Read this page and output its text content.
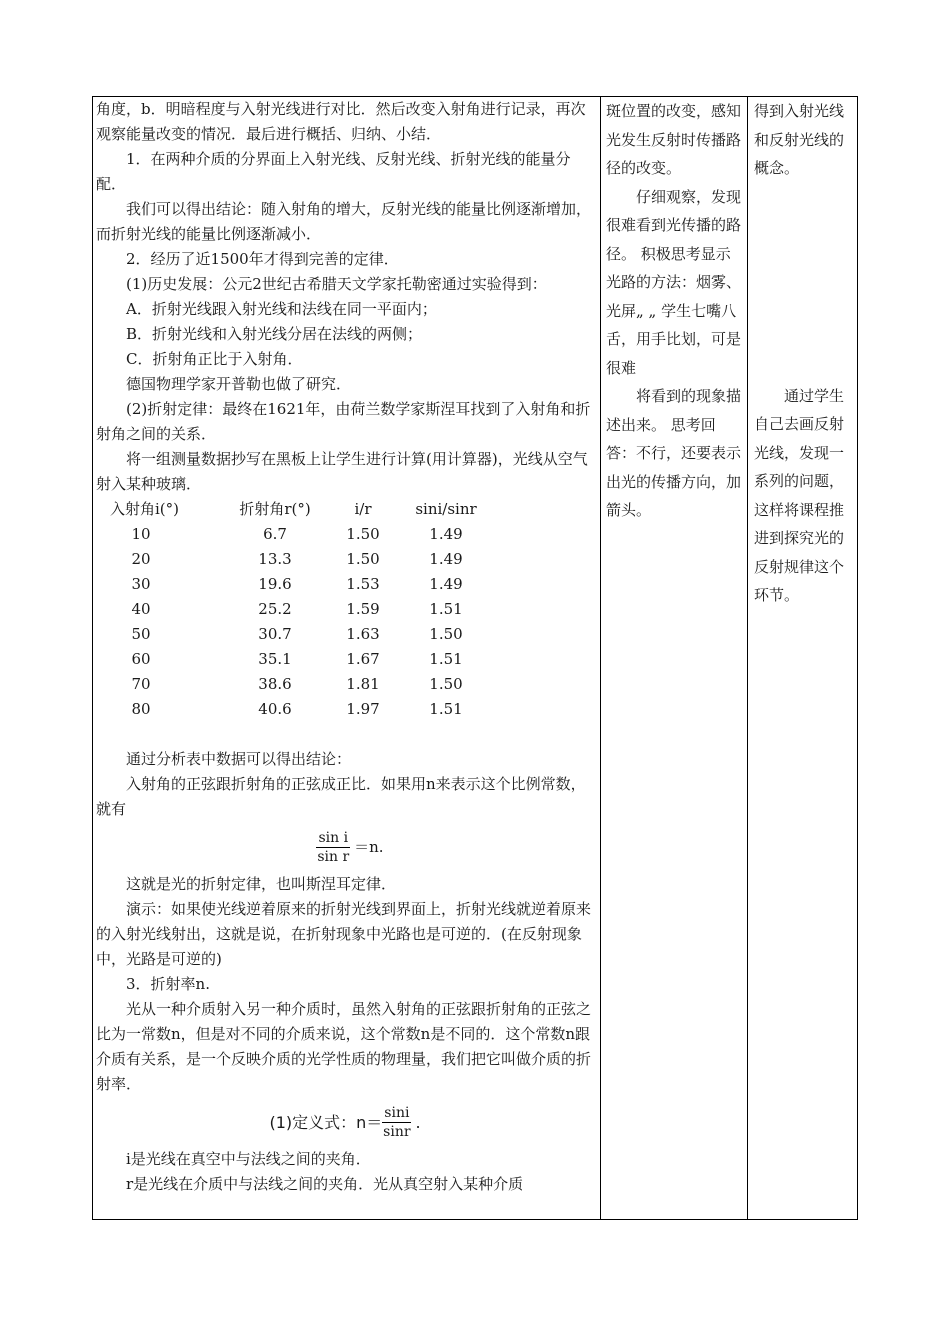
角度，b．明暗程度与入射光线进行对比．然后改变入射角进行记录，再次观察能量改变的情况．最后进行概括、归纳、小结．

1．在两种介质的分界面上入射光线、反射光线、折射光线的能量分配．

我们可以得出结论：随入射角的增大，反射光线的能量比例逐渐增加，而折射光线的能量比例逐渐减小．

2．经历了近1500年才得到完善的定律．

(1)历史发展：公元2世纪古希腊天文学家托勒密通过实验得到：

A．折射光线跟入射光线和法线在同一平面内；

B．折射光线和入射光线分居在法线的两侧；

C．折射角正比于入射角．

德国物理学家开普勒也做了研究．

(2)折射定律：最终在1621年，由荷兰数学家斯涅耳找到了入射角和折射角之间的关系．

将一组测量数据抄写在黑板上让学生进行计算(用计算器)，光线从空气射入某种玻璃．

入射角i(°)	折射角r(°)	i/r	sini/sinr
10	6.7	1.50	1.49
20	13.3	1.50	1.49
30	19.6	1.53	1.49
40	25.2	1.59	1.51
50	30.7	1.63	1.50
60	35.1	1.67	1.51
70	38.6	1.81	1.50
80	40.6	1.97	1.51

通过分析表中数据可以得出结论：

入射角的正弦跟折射角的正弦成正比．如果用n来表示这个比例常数，就有

$\frac{\text{sin i}}{\text{sin r}} =n$.

这就是光的折射定律，也叫斯涅耳定律．

演示：如果使光线逆着原来的折射光线到界面上，折射光线就逆着原来的入射光线射出，这就是说，在折射现象中光路也是可逆的．(在反射现象中，光路是可逆的)

3．折射率n.

光从一种介质射入另一种介质时，虽然入射角的正弦跟折射角的正弦之比为一常数n，但是对不同的介质来说，这个常数n是不同的．这个常数n跟介质有关系，是一个反映介质的光学性质的物理量，我们把它叫做介质的折射率．

(1)定义式：$n= \frac{\sin i}{\sin r}$ .

i是光线在真空中与法线之间的夹角．

r是光线在介质中与法线之间的夹角．光从真空射入某种介质

斑位置的改变，感知光发生反射时传播路径的改变。

仔细观察，发现很难看到光传播的路径。 积极思考显示光路的方法：烟雾、光屏„ „ 学生七嘴八舌，用手比划，可是很难

将看到的现象描述出来。 思考回答：不行，还要表示出光的传播方向，加箭头。

得到入射光线和反射光线的概念。

通过学生自己去画反射光线，发现一系列的问题，这样将课程推进到探究光的反射规律这个环节。
